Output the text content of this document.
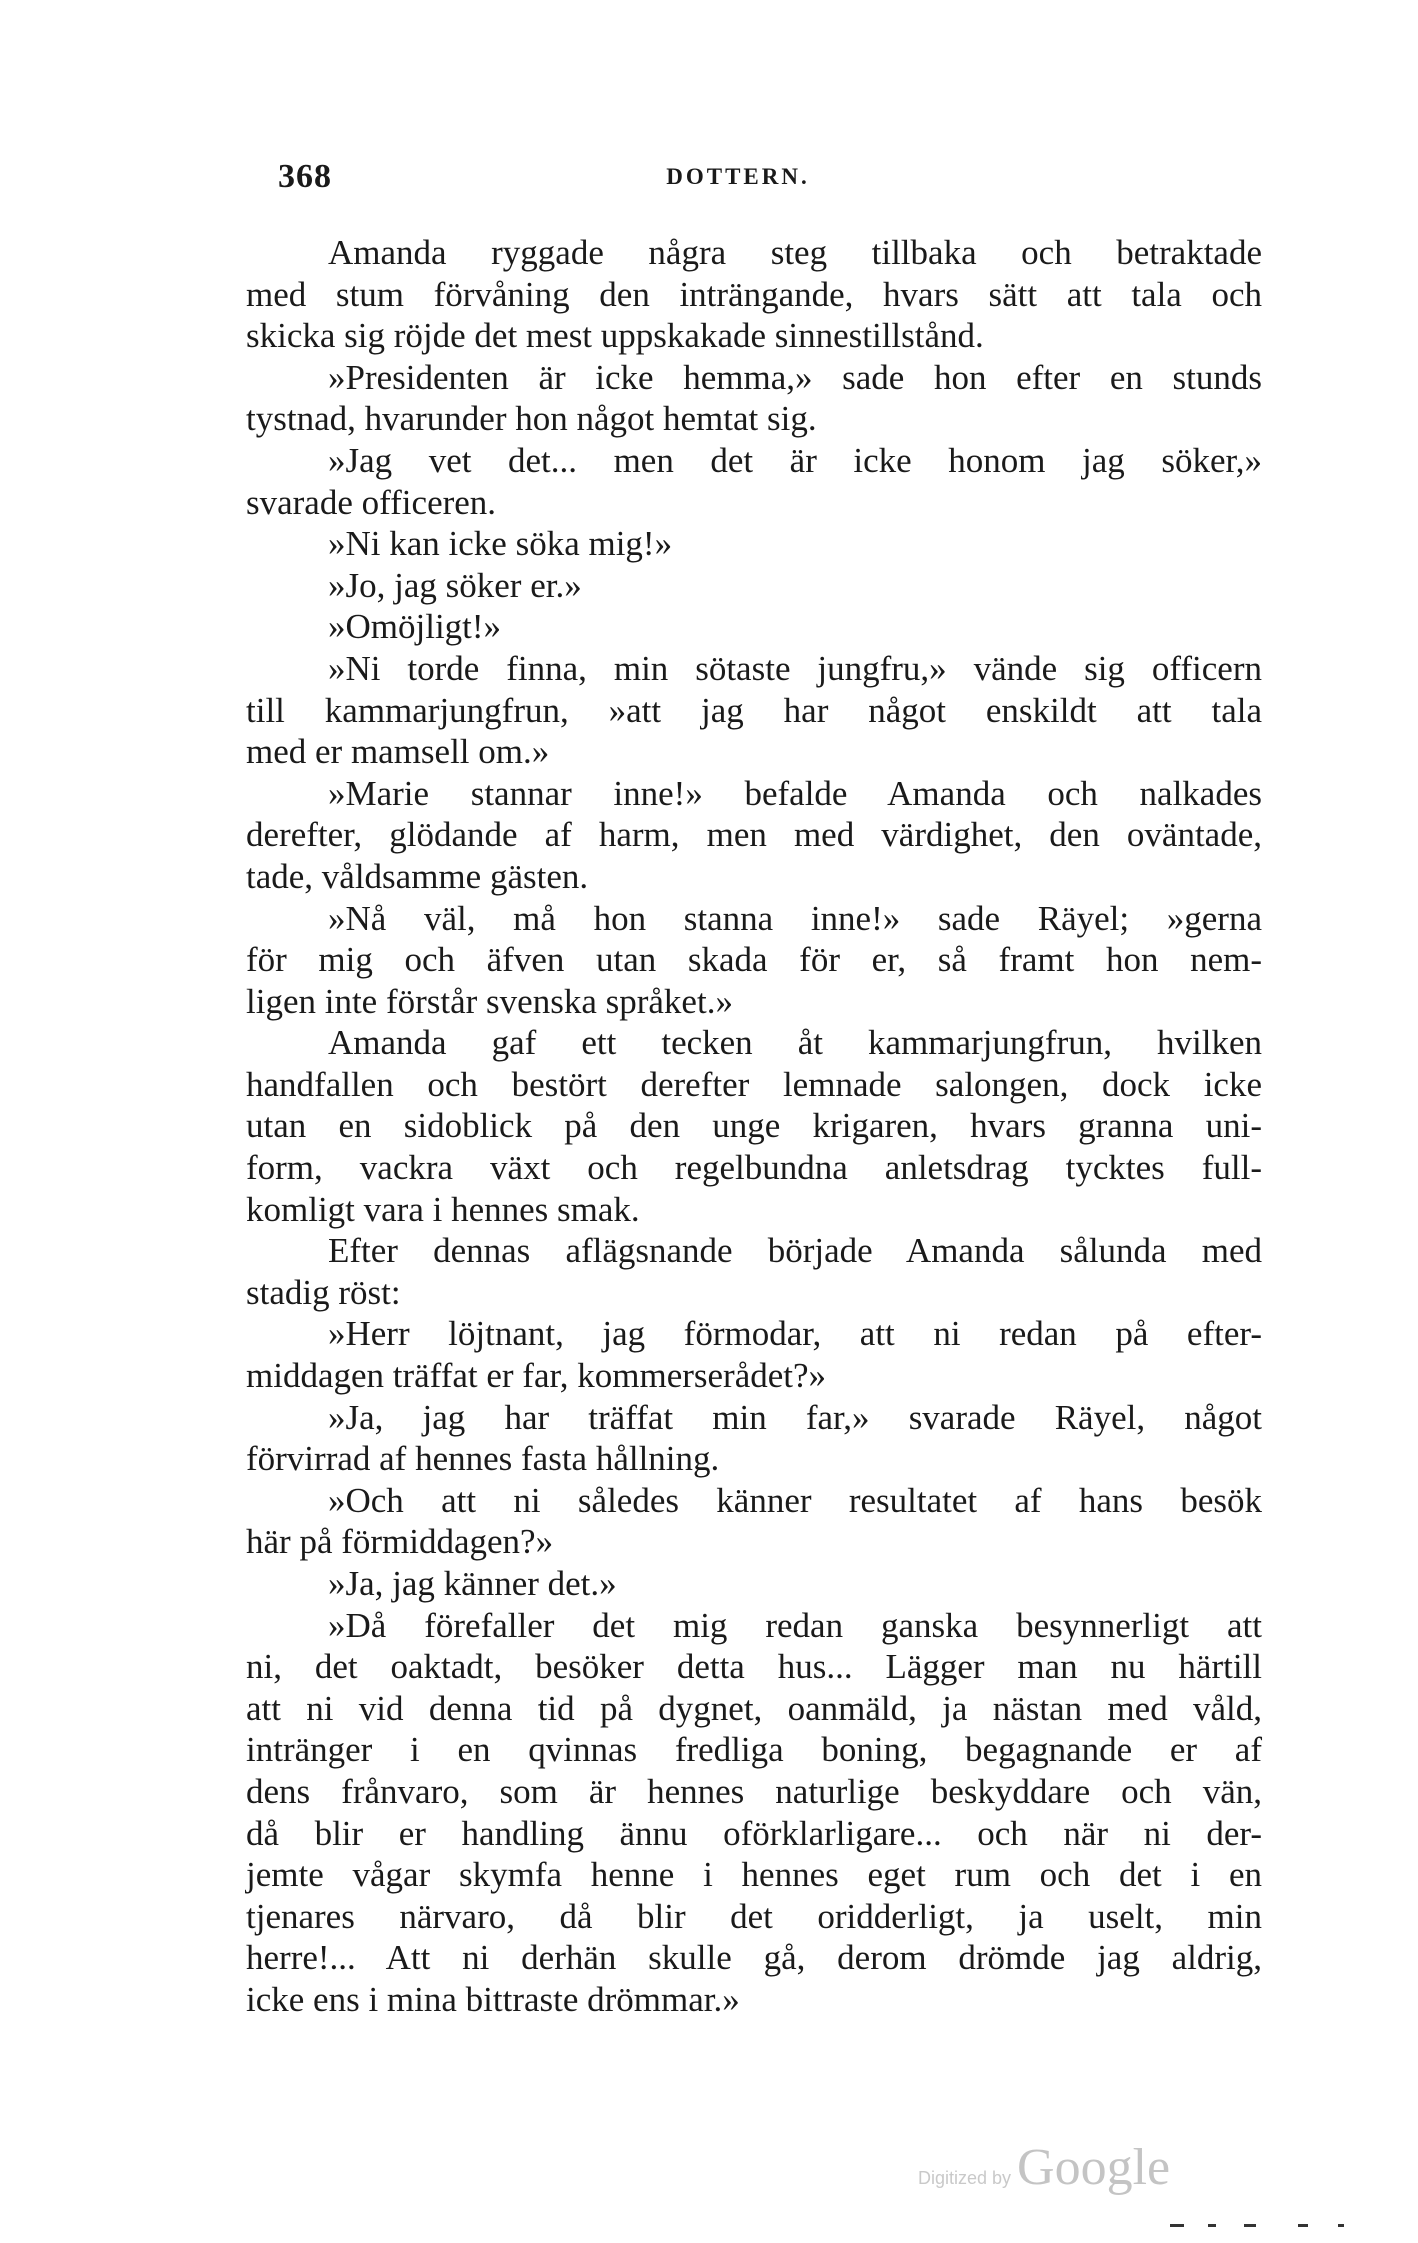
368	DOTTERN.
Amanda ryggade några steg tillbaka och betraktade
med stum förvåning den inträngande, hvars sätt att tala och
skicka sig röjde det mest uppskakade sinnestillstånd.
»Presidenten är icke hemma,» sade hon efter en stunds
tystnad, hvarunder hon något hemtat sig.
»Jag vet det... men det är icke honom jag söker,»
svarade officeren.
»Ni kan icke söka mig!»
»Jo, jag söker er.»
»Omöjligt!»
»Ni torde finna, min sötaste jungfru,» vände sig officern
till kammarjungfrun, »att jag har något enskildt att tala
med er mamsell om.»
»Marie stannar inne!» befalde Amanda och nalkades
derefter, glödande af harm, men med värdighet, den oväntade,
tade, våldsamme gästen.
»Nå väl, må hon stanna inne!» sade Räyel; »gerna
för mig och äfven utan skada för er, så framt hon nem-
ligen inte förstår svenska språket.»
Amanda gaf ett tecken åt kammarjungfrun, hvilken
handfallen och bestört derefter lemnade salongen, dock icke
utan en sidoblick på den unge krigaren, hvars granna uni-
form, vackra växt och regelbundna anletsdrag tycktes full-
komligt vara i hennes smak.
Efter dennas aflägsnande började Amanda sålunda med
stadig röst:
»Herr löjtnant, jag förmodar, att ni redan på efter-
middagen träffat er far, kommerserådet?»
»Ja, jag har träffat min far,» svarade Räyel, något
förvirrad af hennes fasta hållning.
»Och att ni således känner resultatet af hans besök
här på förmiddagen?»
»Ja, jag känner det.»
»Då förefaller det mig redan ganska besynnerligt att
ni, det oaktadt, besöker detta hus... Lägger man nu härtill
att ni vid denna tid på dygnet, oanmäld, ja nästan med våld,
intränger i en qvinnas fredliga boning, begagnande er af
dens frånvaro, som är hennes naturlige beskyddare och vän,
då blir er handling ännu oförklarligare... och när ni der-
jemte vågar skymfa henne i hennes eget rum och det i en
tjenares närvaro, då blir det oridderligt, ja uselt, min
herre!... Att ni derhän skulle gå, derom drömde jag aldrig,
icke ens i mina bittraste drömmar.»
Digitized by Google
